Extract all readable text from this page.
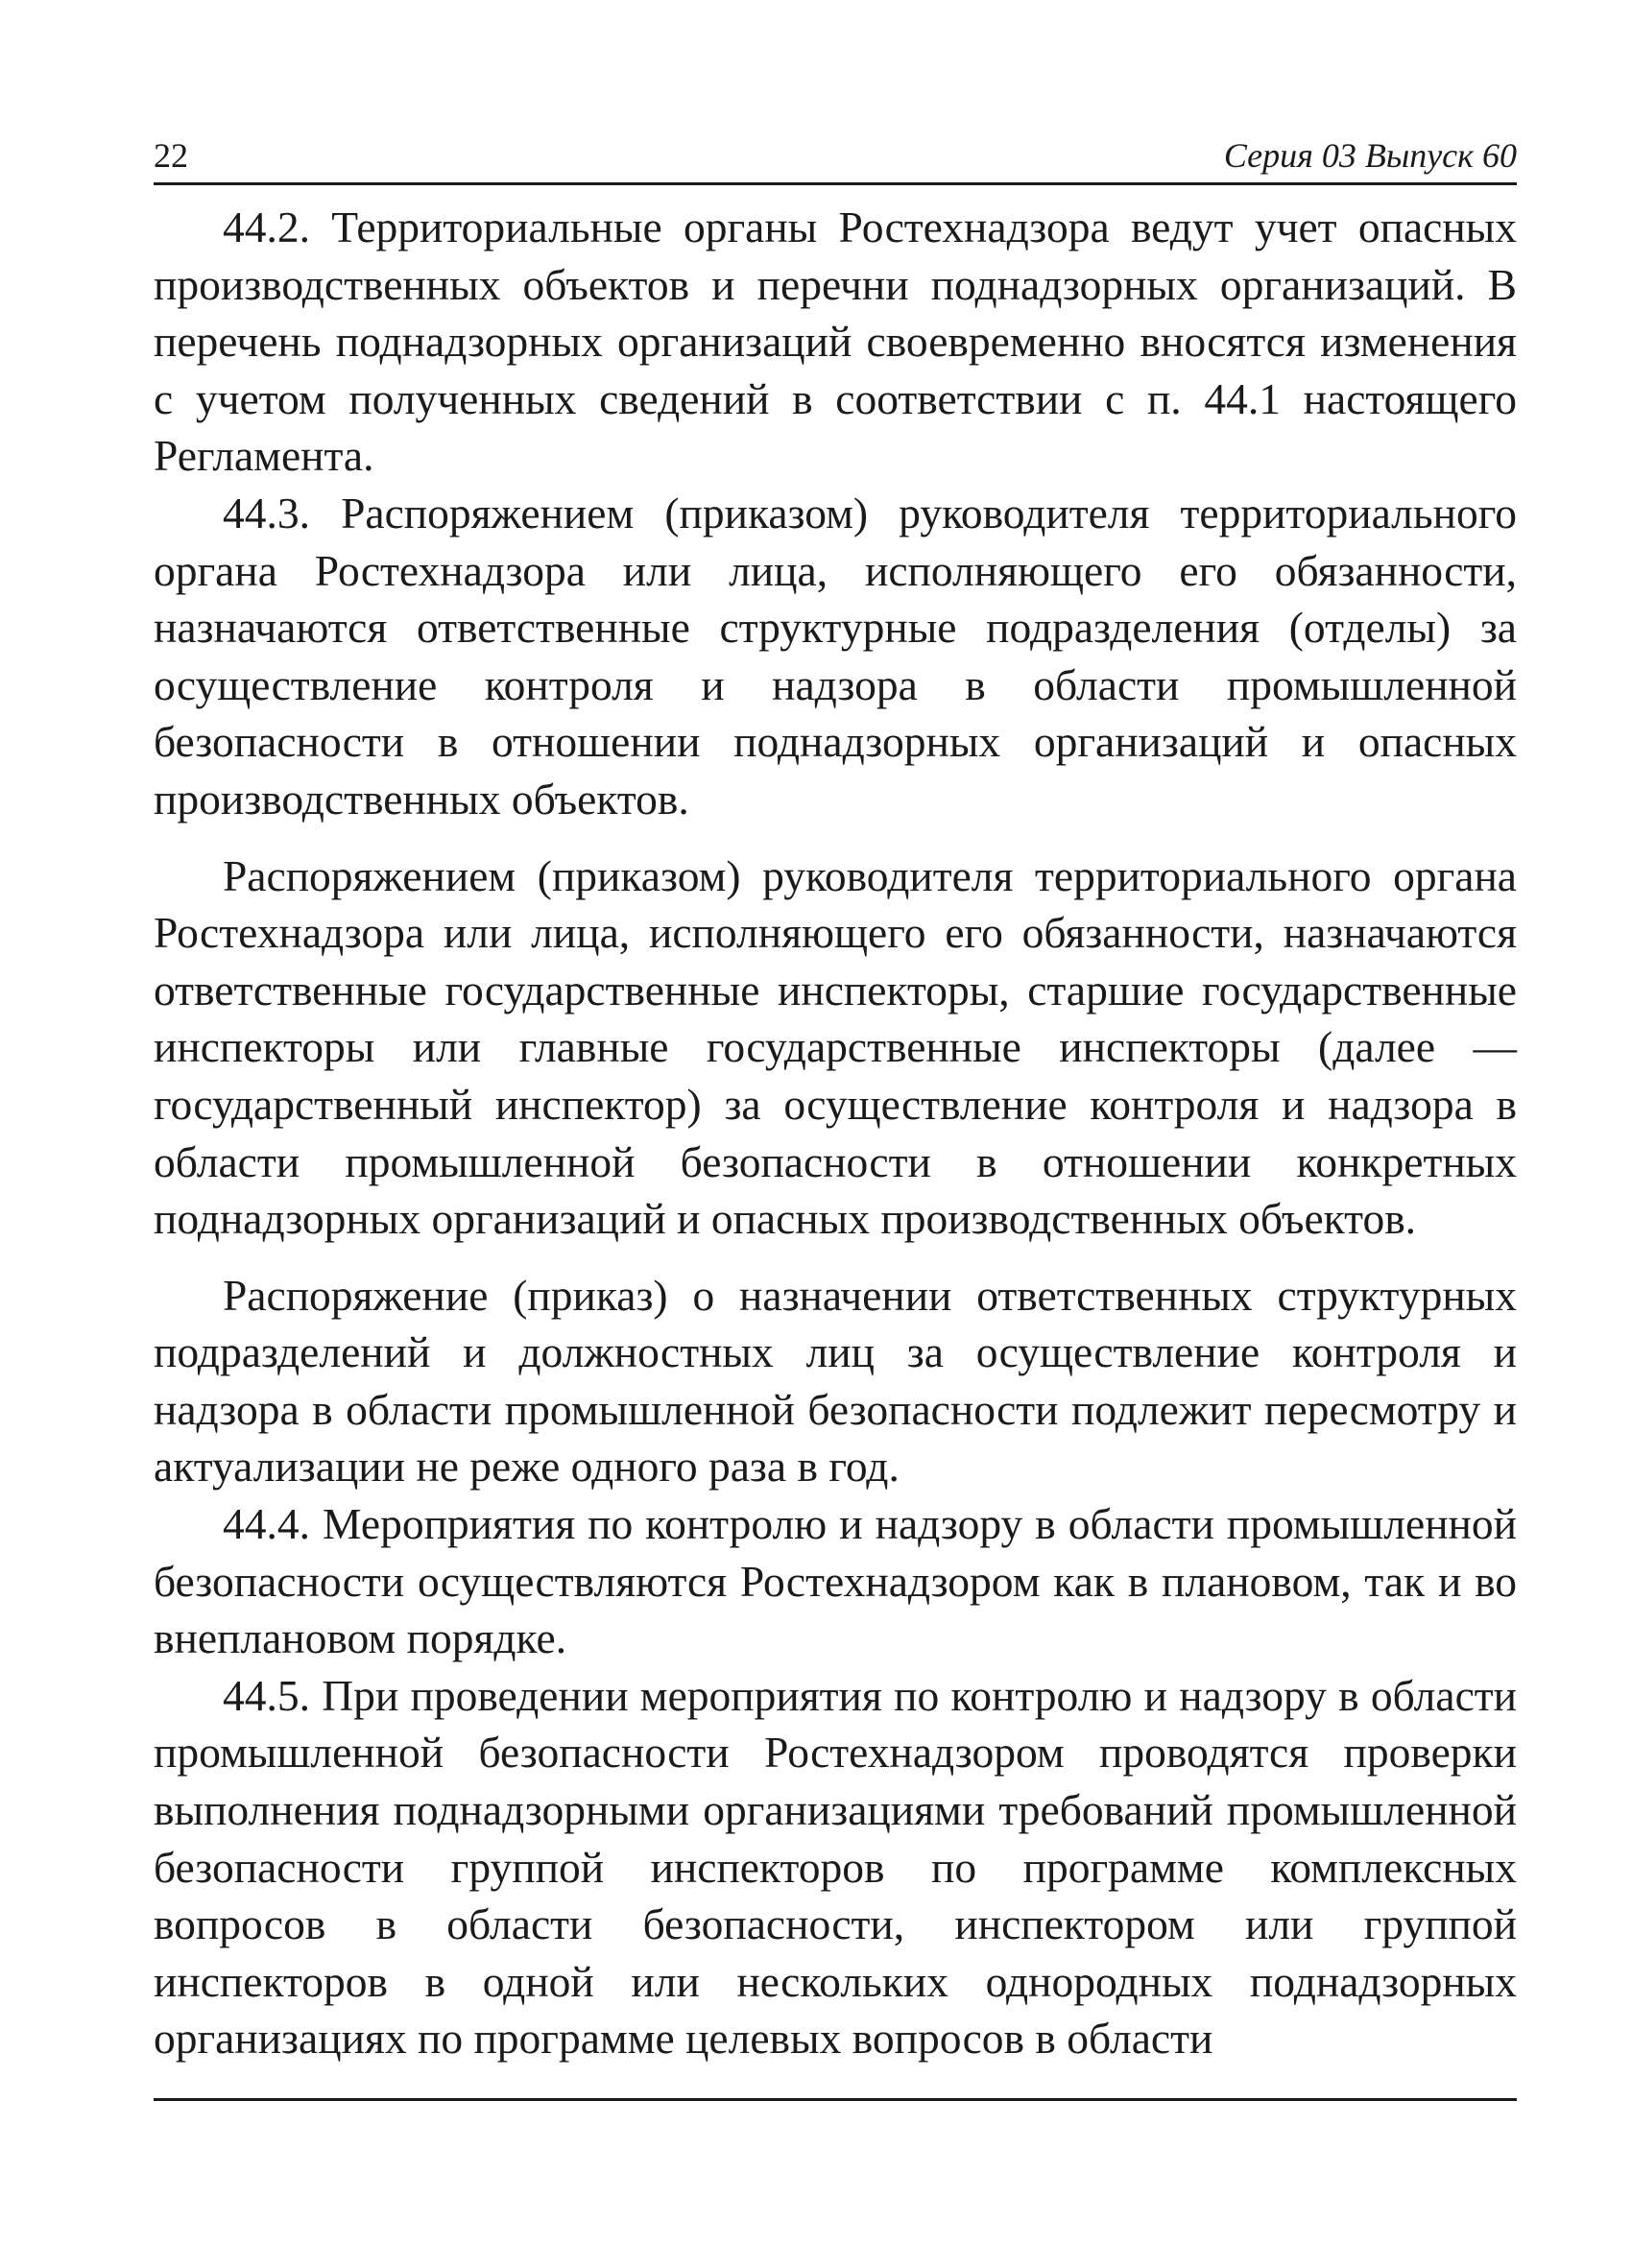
22	Серия 03 Выпуск 60

44.2. Территориальные органы Ростехнадзора ведут учет опасных производственных объектов и перечни поднадзорных организаций. В перечень поднадзорных организаций своевременно вносятся изменения с учетом полученных сведений в соответствии с п. 44.1 настоящего Регламента.

44.3. Распоряжением (приказом) руководителя территориального органа Ростехнадзора или лица, исполняющего его обязанности, назначаются ответственные структурные подразделения (отделы) за осуществление контроля и надзора в области промышленной безопасности в отношении поднадзорных организаций и опасных производственных объектов.

Распоряжением (приказом) руководителя территориального органа Ростехнадзора или лица, исполняющего его обязанности, назначаются ответственные государственные инспекторы, старшие государственные инспекторы или главные государственные инспекторы (далее — государственный инспектор) за осуществление контроля и надзора в области промышленной безопасности в отношении конкретных поднадзорных организаций и опасных производственных объектов.

Распоряжение (приказ) о назначении ответственных структурных подразделений и должностных лиц за осуществление контроля и надзора в области промышленной безопасности подлежит пересмотру и актуализации не реже одного раза в год.

44.4. Мероприятия по контролю и надзору в области промышленной безопасности осуществляются Ростехнадзором как в плановом, так и во внеплановом порядке.

44.5. При проведении мероприятия по контролю и надзору в области промышленной безопасности Ростехнадзором проводятся проверки выполнения поднадзорными организациями требований промышленной безопасности группой инспекторов по программе комплексных вопросов в области безопасности, инспектором или группой инспекторов в одной или нескольких однородных поднадзорных организациях по программе целевых вопросов в области
